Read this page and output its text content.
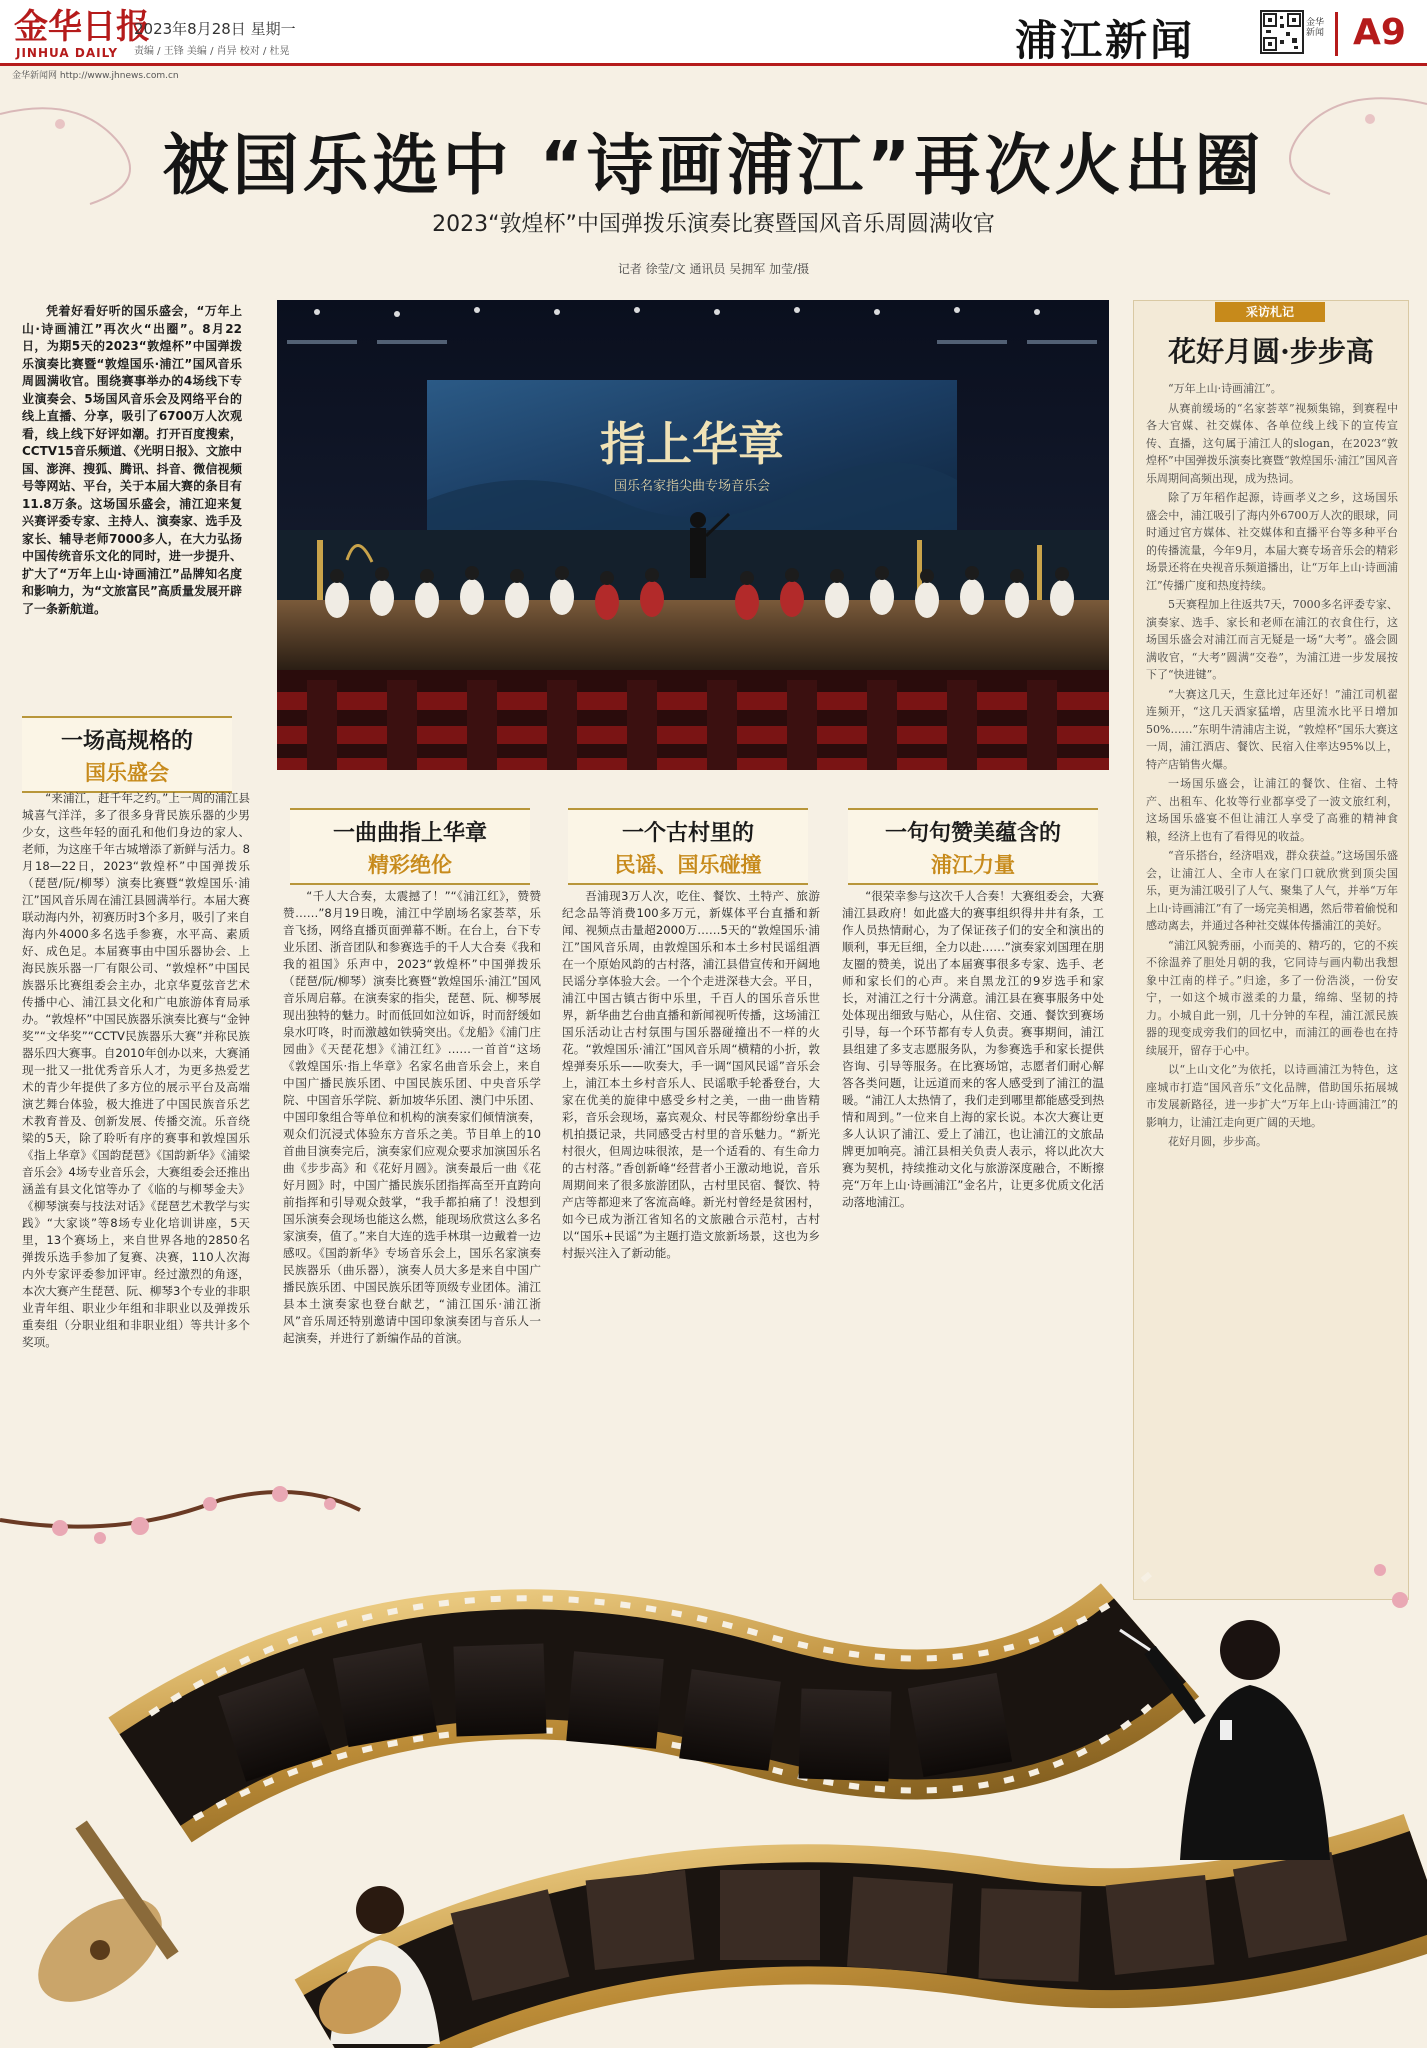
金华日报
JINHUA DAILY
2023年8月28日 星期一
责编 / 王锋 美编 / 肖异 校对 / 杜晃	浦江新闻	金华新闻 A9
金华新闻网 http://www.jhnews.com.cn
被国乐选中 “诗画浦江”再次火出圈
2023“敦煌杯”中国弹拨乐演奏比赛暨国风音乐周圆满收官
记者 徐莹/文 通讯员 吴拥军 加莹/摄
指上华章
国乐名家指尖曲专场音乐会
凭着好看好听的国乐盛会，“万年上山·诗画浦江”再次火“出圈”。8月22日，为期5天的2023“敦煌杯”中国弹拨乐演奏比赛暨“敦煌国乐·浦江”国风音乐周圆满收官。围绕赛事举办的4场线下专业演奏会、5场国风音乐会及网络平台的线上直播、分享，吸引了6700万人次观看，线上线下好评如潮。打开百度搜索，CCTV15音乐频道、《光明日报》、文旅中国、澎湃、搜狐、腾讯、抖音、微信视频号等网站、平台，关于本届大赛的条目有11.8万条。这场国乐盛会，浦江迎来复兴赛评委专家、主持人、演奏家、选手及家长、辅导老师7000多人，在大力弘扬中国传统音乐文化的同时，进一步提升、扩大了“万年上山·诗画浦江”品牌知名度和影响力，为“文旅富民”高质量发展开辟了一条新航道。
一场高规格的
国乐盛会
“来浦江，赶千年之约。”上一周的浦江县城喜气洋洋，多了很多身背民族乐器的少男少女，这些年轻的面孔和他们身边的家人、老师，为这座千年古城增添了新鲜与活力。8月18—22日，2023“敦煌杯”中国弹拨乐（琵琶/阮/柳琴）演奏比赛暨“敦煌国乐·浦江”国风音乐周在浦江县圆满举行。本届大赛联动海内外，初赛历时3个多月，吸引了来自海内外4000多名选手参赛，水平高、素质好、成色足。本届赛事由中国乐器协会、上海民族乐器一厂有限公司、“敦煌杯”中国民族器乐比赛组委会主办，北京华夏弦音艺术传播中心、浦江县文化和广电旅游体育局承办。“敦煌杯”中国民族器乐演奏比赛与“金钟奖”“文华奖”“CCTV民族器乐大赛”并称民族器乐四大赛事。自2010年创办以来，大赛涌现一批又一批优秀音乐人才，为更多热爱艺术的青少年提供了多方位的展示平台及高端演艺舞台体验，极大推进了中国民族音乐艺术教育普及、创新发展、传播交流。乐音绕梁的5天，除了聆听有序的赛事和敦煌国乐《指上华章》《国韵琵琶》《国韵新华》《浦梁音乐会》4场专业音乐会，大赛组委会还推出涵盖有县文化馆等办了《临的与柳琴金夫》《柳琴演奏与技法对话》《琵琶艺术教学与实践》“大家谈”等8场专业化培训讲座，5天里，13个赛场上，来自世界各地的2850名弹拨乐选手参加了复赛、决赛，110人次海内外专家评委参加评审。经过激烈的角逐，本次大赛产生琵琶、阮、柳琴3个专业的非职业青年组、职业少年组和非职业以及弹拨乐重奏组（分职业组和非职业组）等共计多个奖项。
一曲曲指上华章
精彩绝伦
“千人大合奏，太震撼了！”“《浦江红》，赞赞赞……”8月19日晚，浦江中学剧场名家荟萃，乐音飞扬，网络直播页面弹幕不断。在台上，台下专业乐团、浙音团队和参赛选手的千人大合奏《我和我的祖国》乐声中，2023“敦煌杯”中国弹拨乐（琵琶/阮/柳琴）演奏比赛暨“敦煌国乐·浦江”国风音乐周启幕。在演奏家的指尖，琵琶、阮、柳琴展现出独特的魅力。时而低回如泣如诉，时而舒缓如泉水叮咚，时而激越如铁骑突出。《龙船》《浦门庄园曲》《天琵花想》《浦江红》……一首首“这场《敦煌国乐·指上华章》名家名曲音乐会上，来自中国广播民族乐团、中国民族乐团、中央音乐学院、中国音乐学院、新加坡华乐团、澳门中乐团、中国印象组合等单位和机构的演奏家们倾情演奏，观众们沉浸式体验东方音乐之美。节目单上的10首曲目演奏完后，演奏家们应观众要求加演国乐名曲《步步高》和《花好月圆》。演奏最后一曲《花好月圆》时，中国广播民族乐团指挥高至开直跨向前指挥和引导观众鼓掌，“我手都拍痛了！没想到国乐演奏会现场也能这么燃，能现场欣赏这么多名家演奏，值了。”来自大连的选手林琪一边戴着一边感叹。《国韵新华》专场音乐会上，国乐名家演奏民族器乐（曲乐器），演奏人员大多是来自中国广播民族乐团、中国民族乐团等顶级专业团体。浦江县本土演奏家也登台献艺，“浦江国乐·浦江浙风”音乐周还特别邀请中国印象演奏团与音乐人一起演奏，并进行了新编作品的首演。
一个古村里的
民谣、国乐碰撞
吾浦现3万人次，吃住、餐饮、土特产、旅游纪念品等消费100多万元，新媒体平台直播和新闻、视频点击量超2000万……5天的“敦煌国乐·浦江”国风音乐周，由敦煌国乐和本土乡村民谣组酒在一个原始风韵的古村落，浦江县借宣传和开阔地民谣分享体验大会。一个个走进深巷大会。平日，浦江中国古镇古街中乐里，千百人的国乐音乐世界，新华曲艺台曲直播和新闻视听传播，这场浦江国乐活动让古村氛围与国乐器碰撞出不一样的火花。“敦煌国乐·浦江”国风音乐周“横精的小折，敦煌弹奏乐乐——吹奏大，手一调“国风民谣”音乐会上，浦江本土乡村音乐人、民谣歌手轮番登台，大家在优美的旋律中感受乡村之美，一曲一曲皆精彩，音乐会现场，嘉宾观众、村民等都纷纷拿出手机拍摄记录，共同感受古村里的音乐魅力。“新光村很火，但周边味很浓，是一个适看的、有生命力的古村落。”香创新峰“经营者小王激动地说，音乐周期间来了很多旅游团队，古村里民宿、餐饮、特产店等都迎来了客流高峰。新光村曾经是贫困村，如今已成为浙江省知名的文旅融合示范村，古村以“国乐+民谣”为主题打造文旅新场景，这也为乡村振兴注入了新动能。
一句句赞美蕴含的
浦江力量
“很荣幸参与这次千人合奏！大赛组委会，大赛浦江县政府！如此盛大的赛事组织得井井有条，工作人员热情耐心，为了保证孩子们的安全和演出的顺利，事无巨细，全力以赴……”演奏家刘国理在朋友圈的赞美，说出了本届赛事很多专家、选手、老师和家长们的心声。来自黑龙江的9岁选手和家长，对浦江之行十分满意。浦江县在赛事服务中处处体现出细致与贴心，从住宿、交通、餐饮到赛场引导，每一个环节都有专人负责。赛事期间，浦江县组建了多支志愿服务队，为参赛选手和家长提供咨询、引导等服务。在比赛场馆，志愿者们耐心解答各类问题，让远道而来的客人感受到了浦江的温暖。“浦江人太热情了，我们走到哪里都能感受到热情和周到。”一位来自上海的家长说。本次大赛让更多人认识了浦江、爱上了浦江，也让浦江的文旅品牌更加响亮。浦江县相关负责人表示，将以此次大赛为契机，持续推动文化与旅游深度融合，不断擦亮“万年上山·诗画浦江”金名片，让更多优质文化活动落地浦江。
采访札记
花好月圆·步步高

“万年上山·诗画浦江”。

从赛前缓场的“名家荟萃”视频集锦，到赛程中各大官媒、社交媒体、各单位线上线下的宣传宣传、直播，这句属于浦江人的slogan，在2023“敦煌杯”中国弹拨乐演奏比赛暨“敦煌国乐·浦江”国风音乐周期间高频出现，成为热词。

除了万年稻作起源，诗画孝义之乡，这场国乐盛会中，浦江吸引了海内外6700万人次的眼球，同时通过官方媒体、社交媒体和直播平台等多种平台的传播流量，今年9月，本届大赛专场音乐会的精彩场景还将在央视音乐频道播出，让“万年上山·诗画浦江”传播广度和热度持续。

5天赛程加上往返共7天，7000多名评委专家、演奏家、选手、家长和老师在浦江的衣食住行，这场国乐盛会对浦江而言无疑是一场“大考”。盛会圆满收官，“大考”圆满“交卷”，为浦江进一步发展按下了“快进键”。

“大赛这几天，生意比过年还好！”浦江司机翟连频开，“这几天酒家猛增，店里流水比平日增加50%……”东明牛清浦店主说，“敦煌杯”国乐大赛这一周，浦江酒店、餐饮、民宿入住率达95%以上，特产店销售火爆。

一场国乐盛会，让浦江的餐饮、住宿、土特产、出租车、化妆等行业都享受了一波文旅红利，这场国乐盛宴不但让浦江人享受了高雅的精神食粮，经济上也有了看得见的收益。

“音乐搭台，经济唱戏，群众获益。”这场国乐盛会，让浦江人、全市人在家门口就欣赏到顶尖国乐，更为浦江吸引了人气、聚集了人气，并举“万年上山·诗画浦江”有了一场完美相遇，然后带着偷悦和感动离去，并通过各种社交媒体传播浦江的美好。

“浦江风貌秀丽，小而美的、精巧的，它的不疾不徐温养了胆处月朝的我，它同诗与画内勒出我想象中江南的样子。”归途，多了一份浩淡，一份安宁，一如这个城市滋柔的力量，绵绵、坚韧的持力。小城自此一别，几十分钟的车程，浦江派民族器的现变成旁我们的回忆中，而浦江的画卷也在持续展开，留存于心中。

以“上山文化”为依托，以诗画浦江为特色，这座城市打造“国风音乐”文化品牌，借助国乐拓展城市发展新路径，进一步扩大“万年上山·诗画浦江”的影响力，让浦江走向更广阔的天地。

花好月圆，步步高。
